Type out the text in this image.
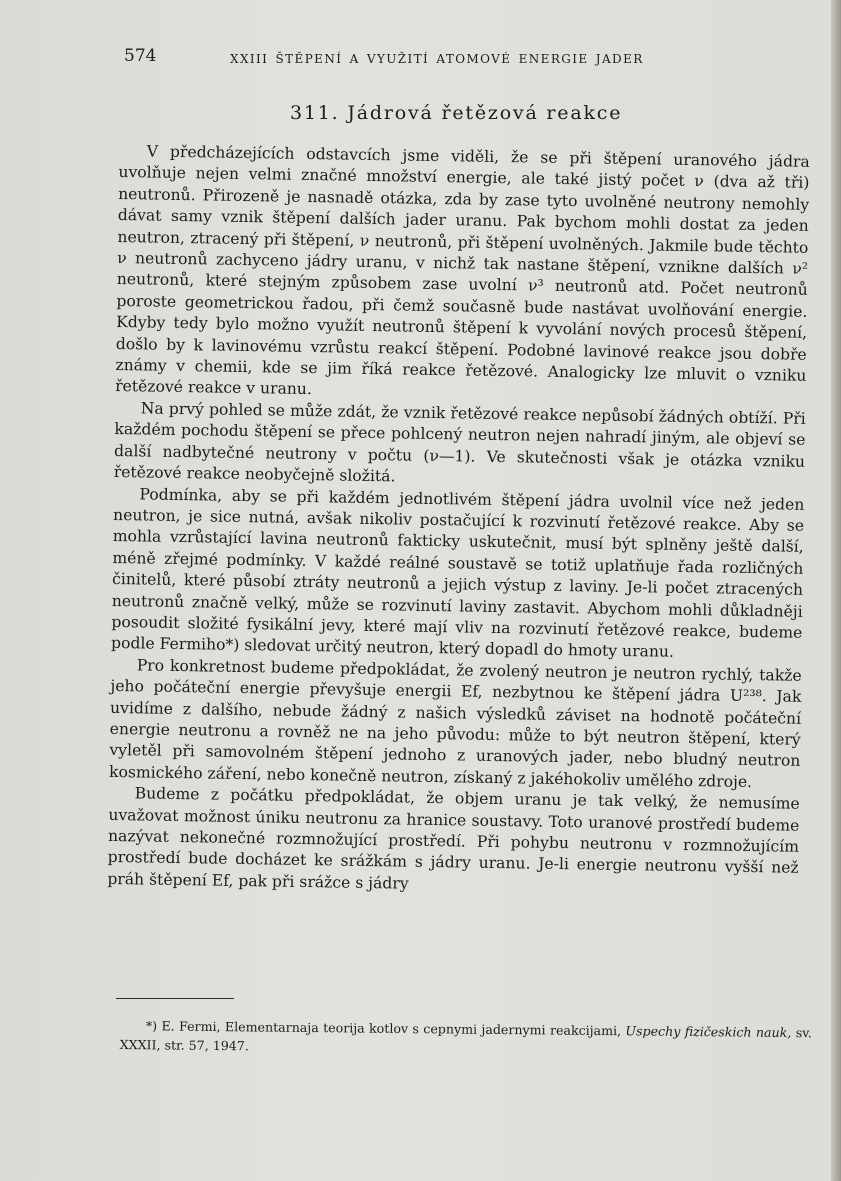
574	XXIII ŠTĚPENÍ A VYUŽITÍ ATOMOVÉ ENERGIE JADER
311. Jádrová řetězová reakce

V předcházejících odstavcích jsme viděli, že se při štěpení uranového jádra uvolňuje nejen velmi značné množství energie, ale také jistý počet ν (dva až tři) neutronů. Přirozeně je nasnadě otázka, zda by zase tyto uvolněné neutrony nemohly dávat samy vznik štěpení dalších jader uranu. Pak bychom mohli dostat za jeden neutron, ztracený při štěpení, ν neutronů, při štěpení uvolněných. Jakmile bude těchto ν neutronů zachyceno jádry uranu, v nichž tak nastane štěpení, vznikne dalších ν² neutronů, které stejným způsobem zase uvolní ν³ neutronů atd. Počet neutronů poroste geometrickou řadou, při čemž současně bude nastávat uvolňování energie. Kdyby tedy bylo možno využít neutronů štěpení k vyvolání nových procesů štěpení, došlo by k lavinovému vzrůstu reakcí štěpení. Podobné lavinové reakce jsou dobře známy v chemii, kde se jim říká reakce řetězové. Analogicky lze mluvit o vzniku řetězové reakce v uranu.

Na prvý pohled se může zdát, že vznik řetězové reakce nepůsobí žádných obtíží. Při každém pochodu štěpení se přece pohlcený neutron nejen nahradí jiným, ale objeví se další nadbytečné neutrony v počtu (ν—1). Ve skutečnosti však je otázka vzniku řetězové reakce neobyčejně složitá.

Podmínka, aby se při každém jednotlivém štěpení jádra uvolnil více než jeden neutron, je sice nutná, avšak nikoliv postačující k rozvinutí řetězové reakce. Aby se mohla vzrůstající lavina neutronů fakticky uskutečnit, musí být splněny ještě další, méně zřejmé podmínky. V každé reálné soustavě se totiž uplatňuje řada rozličných činitelů, které působí ztráty neutronů a jejich výstup z laviny. Je-li počet ztracených neutronů značně velký, může se rozvinutí laviny zastavit. Abychom mohli důkladněji posoudit složité fysikální jevy, které mají vliv na rozvinutí řetězové reakce, budeme podle Fermiho*) sledovat určitý neutron, který dopadl do hmoty uranu.

Pro konkretnost budeme předpokládat, že zvolený neutron je neutron rychlý, takže jeho počáteční energie převyšuje energii Ef, nezbytnou ke štěpení jádra U²³⁸. Jak uvidíme z dalšího, nebude žádný z našich výsledků záviset na hodnotě počáteční energie neutronu a rovněž ne na jeho původu: může to být neutron štěpení, který vyletěl při samovolném štěpení jednoho z uranových jader, nebo bludný neutron kosmického záření, nebo konečně neutron, získaný z jakéhokoliv umělého zdroje.

Budeme z počátku předpokládat, že objem uranu je tak velký, že nemusíme uvažovat možnost úniku neutronu za hranice soustavy. Toto uranové prostředí budeme nazývat nekonečné rozmnožující prostředí. Při pohybu neutronu v rozmnožujícím prostředí bude docházet ke srážkám s jádry uranu. Je-li energie neutronu vyšší než práh štěpení Ef, pak při srážce s jádry

*) E. Fermi, Elementarnaja teorija kotlov s cepnymi jadernymi reakcijami, Uspechy fizičeskich nauk, sv. XXXII, str. 57, 1947.
